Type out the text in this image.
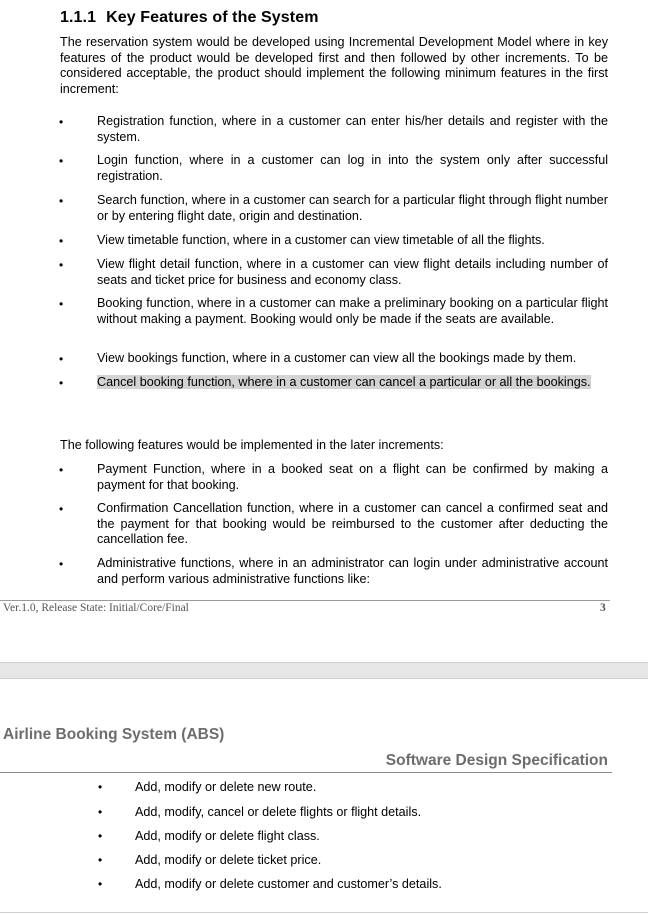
1.1.1 Key Features of the System
The reservation system would be developed using Incremental Development Model where in key features of the product would be developed first and then followed by other increments. To be considered acceptable, the product should implement the following minimum features in the first increment:
•	Registration function, where in a customer can enter his/her details and register with the system.
•	Login function, where in a customer can log in into the system only after successful registration.
•	Search function, where in a customer can search for a particular flight through flight number or by entering flight date, origin and destination.
•	View timetable function, where in a customer can view timetable of all the flights.
•	View flight detail function, where in a customer can view flight details including number of seats and ticket price for business and economy class.
•	Booking function, where in a customer can make a preliminary booking on a particular flight without making a payment. Booking would only be made if the seats are available.
•	View bookings function, where in a customer can view all the bookings made by them.
•	Cancel booking function, where in a customer can cancel a particular or all the bookings.
The following features would be implemented in the later increments:
•	Payment Function, where in a booked seat on a flight can be confirmed by making a payment for that booking.
•	Confirmation Cancellation function, where in a customer can cancel a confirmed seat and the payment for that booking would be reimbursed to the customer after deducting the cancellation fee.
•	Administrative functions, where in an administrator can login under administrative account and perform various administrative functions like:
Ver.1.0, Release State: Initial/Core/Final	3
Airline Booking System (ABS)
Software Design Specification
•	Add, modify or delete new route.
•	Add, modify, cancel or delete flights or flight details.
•	Add, modify or delete flight class.
•	Add, modify or delete ticket price.
•	Add, modify or delete customer and customer’s details.
